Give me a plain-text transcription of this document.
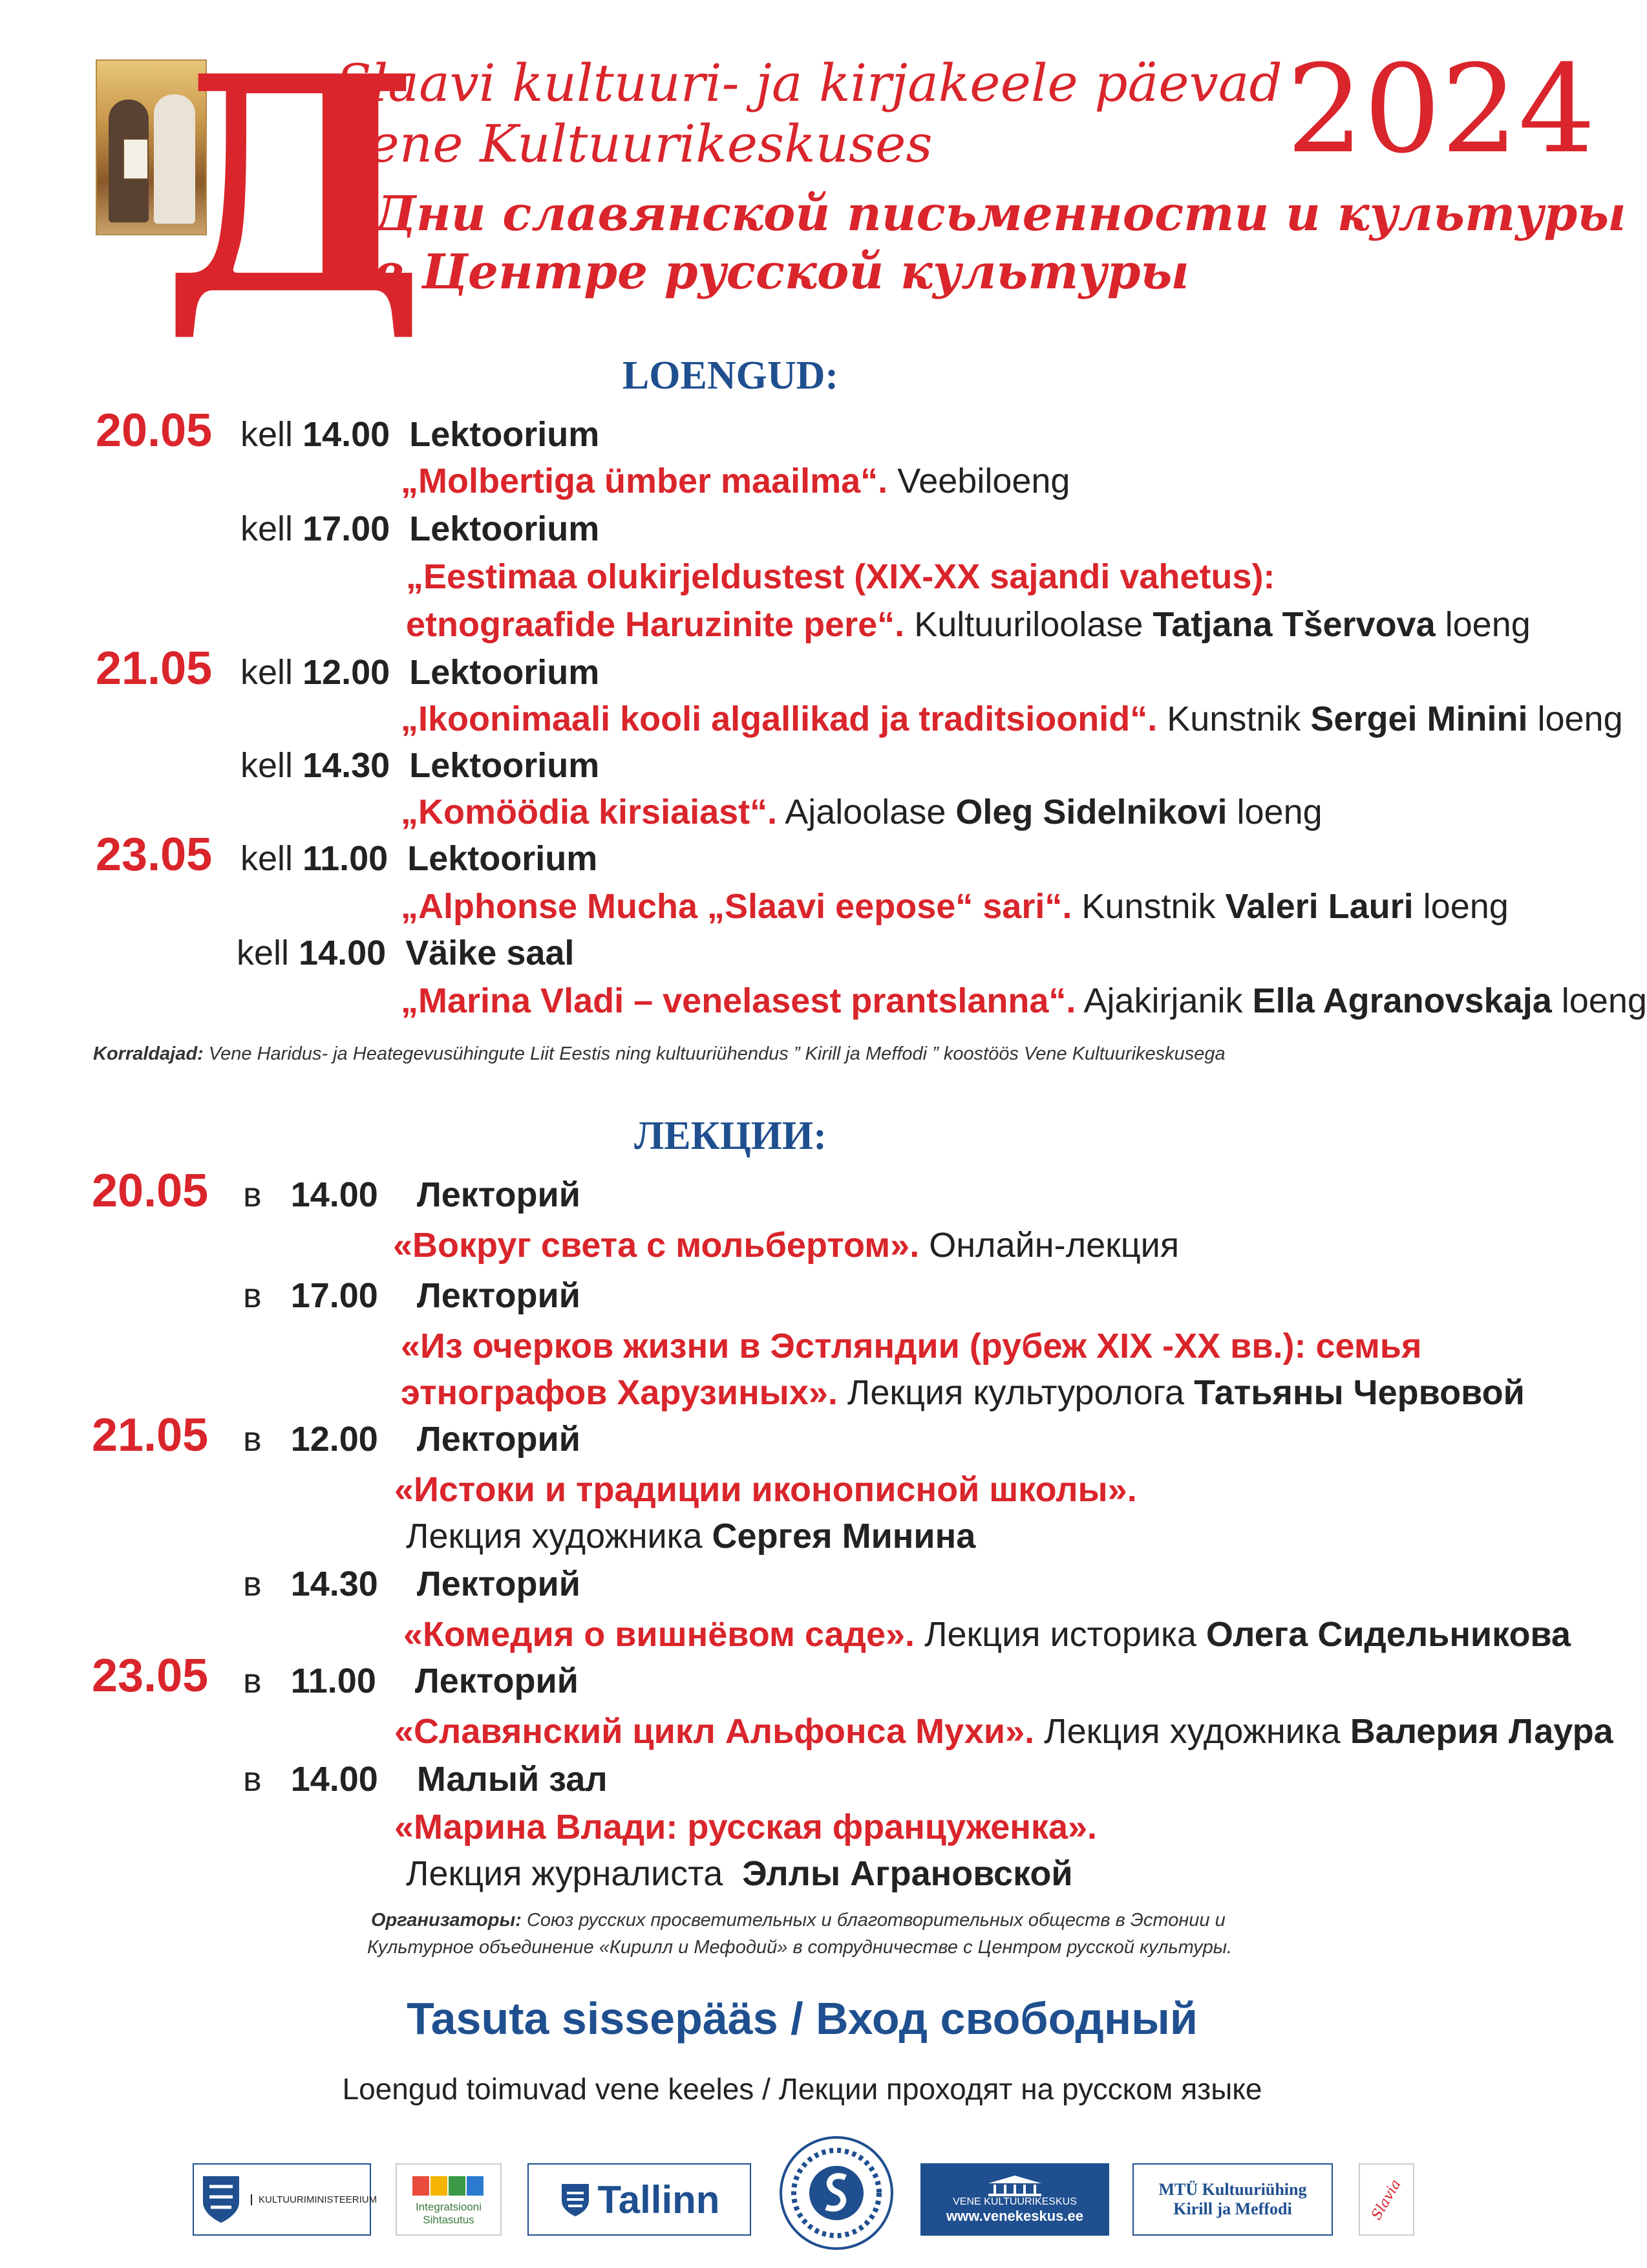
Д
Slaavi kultuuri- ja kirjakeele päevad
Vene Kultuurikeskuses
Дни славянской письменности и культуры
в Центре русской культуры
2024
LOENGUD:
20.05 kell 14.00 Lektoorium
„Molbertiga ümber maailma“. Veebiloeng
kell 17.00 Lektoorium
„Eestimaa olukirjeldustest (XIX-XX sajandi vahetus):
etnograafide Haruzinite pere“. Kultuuriloolase Tatjana Tšervova loeng
21.05 kell 12.00 Lektoorium
„Ikoonimaali kooli algallikad ja traditsioonid“. Kunstnik Sergei Minini loeng
kell 14.30 Lektoorium
„Komöödia kirsiaiast“. Ajaloolase Oleg Sidelnikovi loeng
23.05 kell 11.00 Lektoorium
„Alphonse Mucha „Slaavi eepose“ sari“. Kunstnik Valeri Lauri loeng
kell 14.00 Väike saal
„Marina Vladi – venelasest prantslanna“. Ajakirjanik Ella Agranovskaja loeng
Korraldajad: Vene Haridus- ja Heategevusühingute Liit Eestis ning kultuuriühendus ” Kirill ja Meffodi ” koostöös Vene Kultuurikeskusega
ЛЕКЦИИ:
20.05 в 14.00 Лекторий
«Вокруг света с мольбертом». Онлайн-лекция
в 17.00 Лекторий
«Из очерков жизни в Эстляндии (рубеж XIX -XX вв.): семья
этнографов Харузиных». Лекция культуролога Татьяны Червовой
21.05 в 12.00 Лекторий
«Истоки и традиции иконописной школы».
Лекция художника Сергея Минина
в 14.30 Лекторий
«Комедия о вишнёвом саде». Лекция историка Олега Сидельникова
23.05 в 11.00 Лекторий
«Славянский цикл Альфонса Мухи». Лекция художника Валерия Лаура
в 14.00 Малый зал
«Марина Влади: русская француженка».
Лекция журналиста Эллы Аграновской
Организаторы: Союз русских просветительных и благотворительных обществ в Эстонии и
Культурное объединение «Кирилл и Мефодий» в сотрудничестве с Центром русской культуры.
Tasuta sissepääs / Вход свободный
Loengud toimuvad vene keeles / Лекции проходят на русском языке
KULTUURIMINISTEERIUM
Integratsiooni
Sihtasutus	Tallinn	VENE KULTUURIKESKUS
www.venekeskus.ee
MTÜ Kultuuriühing
Kirill ja Meffodi	Slavia
